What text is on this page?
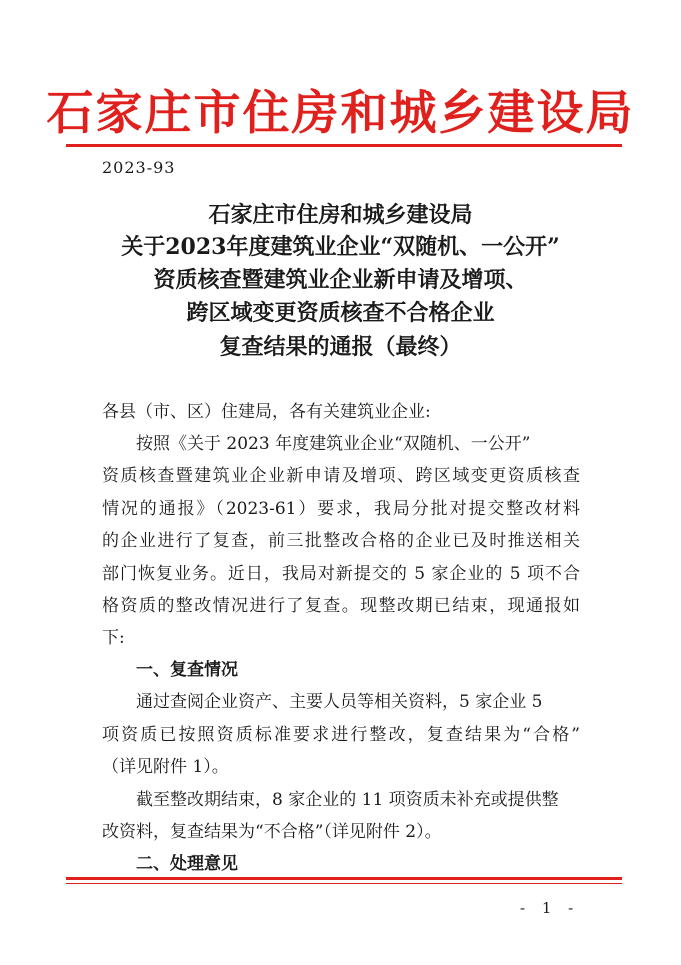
石家庄市住房和城乡建设局
2023-93
石家庄市住房和城乡建设局
关于2023年度建筑业企业“双随机、一公开”
资质核查暨建筑业企业新申请及增项、
跨区域变更资质核查不合格企业
复查结果的通报（最终）
各县（市、区）住建局，各有关建筑业企业:
按照《关于 2023 年度建筑业企业“双随机、一公开”
资质核查暨建筑业企业新申请及增项、跨区域变更资质核查
情况的通报》（2023-61）要求，我局分批对提交整改材料
的企业进行了复查，前三批整改合格的企业已及时推送相关
部门恢复业务。近日，我局对新提交的 5 家企业的 5 项不合
格资质的整改情况进行了复查。现整改期已结束，现通报如
下:
一、复查情况
通过查阅企业资产、主要人员等相关资料，5 家企业 5
项资质已按照资质标准要求进行整改，复查结果为“合格”
（详见附件 1）。
截至整改期结束，8 家企业的 11 项资质未补充或提供整
改资料，复查结果为“不合格”（详见附件 2）。
二、处理意见
- 1 -
